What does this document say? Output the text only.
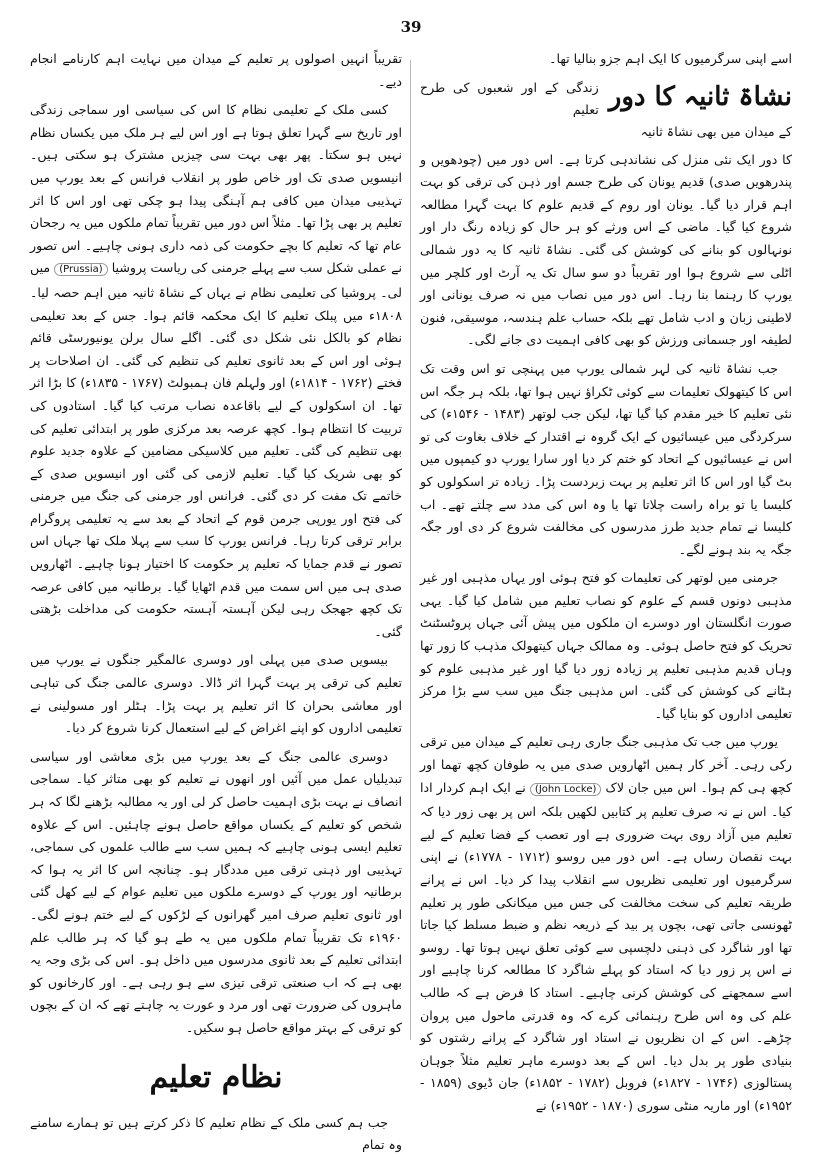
39

اسے اپنی سرگرمیوں کا ایک اہم جزو بنالیا تھا۔

نشاۃ ثانیہ کا دور
زندگی کے اور شعبوں کی طرح تعلیم
کے میدان میں بھی نشاۃ ثانیہ

کا دور ایک نئی منزل کی نشاندہی کرتا ہے۔ اس دور میں (چودھویں و پندرھویں صدی) قدیم یونان کی طرح جسم اور ذہن کی ترقی کو بہت اہم قرار دیا گیا۔ یونان اور روم کے قدیم علوم کا بہت گہرا مطالعہ شروع کیا گیا۔ ماضی کے اس ورثے کو ہر حال کو زیادہ رنگ دار اور نونہالوں کو بنانے کی کوشش کی گئی۔ نشاۃ ثانیہ کا یہ دور شمالی اٹلی سے شروع ہوا اور تقریباً دو سو سال تک یہ آرٹ اور کلچر میں یورپ کا رہنما بنا رہا۔ اس دور میں نصاب میں نہ صرف یونانی اور لاطینی زبان و ادب شامل تھے بلکہ حساب علم ہندسہ، موسیقی، فنون لطیفہ اور جسمانی ورزش کو بھی کافی اہمیت دی جانے لگی۔

جب نشاۃ ثانیہ کی لہر شمالی یورپ میں پہنچی تو اس وقت تک اس کا کیتھولک تعلیمات سے کوئی ٹکراؤ نہیں ہوا تھا، بلکہ ہر جگہ اس نئی تعلیم کا خیر مقدم کیا گیا تھا، لیکن جب لوتھر (۱۴۸۳ - ۱۵۴۶ء) کی سرکردگی میں عیسائیوں کے ایک گروہ نے اقتدار کے خلاف بغاوت کی تو اس نے عیسائیوں کے اتحاد کو ختم کر دیا اور سارا یورپ دو کیمپوں میں بٹ گیا اور اس کا اثر تعلیم پر بہت زبردست پڑا۔ زیادہ تر اسکولوں کو کلیسا یا تو براہ راست چلاتا تھا یا وہ اس کی مدد سے چلتے تھے۔ اب کلیسا نے تمام جدید طرز مدرسوں کی مخالفت شروع کر دی اور جگہ جگہ یہ بند ہونے لگے۔

جرمنی میں لوتھر کی تعلیمات کو فتح ہوئی اور یہاں مذہبی اور غیر مذہبی دونوں قسم کے علوم کو نصاب تعلیم میں شامل کیا گیا۔ یہی صورت انگلستان اور دوسرے ان ملکوں میں پیش آئی جہاں پروٹسٹنٹ تحریک کو فتح حاصل ہوئی۔ وہ ممالک جہاں کیتھولک مذہب کا زور تھا وہاں قدیم مذہبی تعلیم پر زیادہ زور دیا گیا اور غیر مذہبی علوم کو ہٹانے کی کوشش کی گئی۔ اس مذہبی جنگ میں سب سے بڑا مرکز تعلیمی اداروں کو بنایا گیا۔

یورپ میں جب تک مذہبی جنگ جاری رہی تعلیم کے میدان میں ترقی رکی رہی۔ آخر کار ہمیں اٹھارویں صدی میں یہ طوفان کچھ تھما اور کچھ ہی کم ہوا۔ اس میں جان لاک (John Locke) نے ایک اہم کردار ادا کیا۔ اس نے نہ صرف تعلیم پر کتابیں لکھیں بلکہ اس پر بھی زور دیا کہ تعلیم میں آزاد روی بہت ضروری ہے اور تعصب کے فضا تعلیم کے لیے بہت نقصان رساں ہے۔ اس دور میں روسو (۱۷۱۲ - ۱۷۷۸ء) نے اپنی سرگرمیوں اور تعلیمی نظریوں سے انقلاب پیدا کر دیا۔ اس نے پرانے طریقہ تعلیم کی سخت مخالفت کی جس میں میکانکی طور پر تعلیم ٹھونسی جاتی تھی، بچوں پر بید کے ذریعہ نظم و ضبط مسلط کیا جاتا تھا اور شاگرد کی ذہنی دلچسپی سے کوئی تعلق نہیں ہوتا تھا۔ روسو نے اس پر زور دیا کہ استاد کو پہلے شاگرد کا مطالعہ کرنا چاہیے اور اسے سمجھنے کی کوشش کرنی چاہیے۔ استاد کا فرض ہے کہ طالب علم کی وہ اس طرح رہنمائی کرے کہ وہ قدرتی ماحول میں پروان چڑھے۔ اس کے ان نظریوں نے استاد اور شاگرد کے پرانے رشتوں کو بنیادی طور پر بدل دیا۔ اس کے بعد دوسرے ماہر تعلیم مثلاً جوہان پستالوزی (۱۷۴۶ - ۱۸۲۷ء) فروبل (۱۷۸۲ - ۱۸۵۲ء) جان ڈیوی (۱۸۵۹ - ۱۹۵۲ء) اور ماریہ منٹی سوری (۱۸۷۰ - ۱۹۵۲ء) نے

تقریباً انہیں اصولوں پر تعلیم کے میدان میں نہایت اہم کارنامے انجام دیے۔

کسی ملک کے تعلیمی نظام کا اس کی سیاسی اور سماجی زندگی اور تاریخ سے گہرا تعلق ہوتا ہے اور اس لیے ہر ملک میں یکساں نظام نہیں ہو سکتا۔ پھر بھی بہت سی چیزیں مشترک ہو سکتی ہیں۔ انیسویں صدی تک اور خاص طور پر انقلاب فرانس کے بعد یورپ میں تہذیبی میدان میں کافی ہم آہنگی پیدا ہو چکی تھی اور اس کا اثر تعلیم پر بھی پڑا تھا۔ مثلاً اس دور میں تقریباً تمام ملکوں میں یہ رجحان عام تھا کہ تعلیم کا بچے حکومت کی ذمہ داری ہونی چاہیے۔ اس تصور نے عملی شکل سب سے پہلے جرمنی کی ریاست پروشیا (Prussia) میں لی۔ پروشیا کی تعلیمی نظام نے یہاں کے نشاۃ ثانیہ میں اہم حصہ لیا۔ ۱۸۰۸ء میں پبلک تعلیم کا ایک محکمہ قائم ہوا۔ جس کے بعد تعلیمی نظام کو بالکل نئی شکل دی گئی۔ اگلے سال برلن یونیورسٹی قائم ہوئی اور اس کے بعد ثانوی تعلیم کی تنظیم کی گئی۔ ان اصلاحات پر فختے (۱۷۶۲ - ۱۸۱۴ء) اور ولہلم فان ہمبولٹ (۱۷۶۷ - ۱۸۳۵ء) کا بڑا اثر تھا۔ ان اسکولوں کے لیے باقاعدہ نصاب مرتب کیا گیا۔ استادوں کی تربیت کا انتظام ہوا۔ کچھ عرصہ بعد مرکزی طور پر ابتدائی تعلیم کی بھی تنظیم کی گئی۔ تعلیم میں کلاسیکی مضامین کے علاوہ جدید علوم کو بھی شریک کیا گیا۔ تعلیم لازمی کی گئی اور انیسویں صدی کے خاتمے تک مفت کر دی گئی۔ فرانس اور جرمنی کی جنگ میں جرمنی کی فتح اور یورپی جرمن قوم کے اتحاد کے بعد سے یہ تعلیمی پروگرام برابر ترقی کرتا رہا۔ فرانس یورپ کا سب سے پہلا ملک تھا جہاں اس تصور نے قدم جمایا کہ تعلیم پر حکومت کا اختیار ہونا چاہیے۔ اٹھارویں صدی ہی میں اس سمت میں قدم اٹھایا گیا۔ برطانیہ میں کافی عرصہ تک کچھ جھجک رہی لیکن آہستہ آہستہ حکومت کی مداخلت بڑھتی گئی۔

بیسویں صدی میں پہلی اور دوسری عالمگیر جنگوں نے یورپ میں تعلیم کی ترقی پر بہت گہرا اثر ڈالا۔ دوسری عالمی جنگ کی تباہی اور معاشی بحران کا اثر تعلیم پر بہت پڑا۔ ہٹلر اور مسولینی نے تعلیمی اداروں کو اپنے اغراض کے لیے استعمال کرنا شروع کر دیا۔

دوسری عالمی جنگ کے بعد یورپ میں بڑی معاشی اور سیاسی تبدیلیاں عمل میں آئیں اور انھوں نے تعلیم کو بھی متاثر کیا۔ سماجی انصاف نے بہت بڑی اہمیت حاصل کر لی اور یہ مطالبہ بڑھنے لگا کہ ہر شخص کو تعلیم کے یکساں مواقع حاصل ہونے چاہئیں۔ اس کے علاوہ تعلیم ایسی ہونی چاہیے کہ ہمیں سب سے طالب علموں کی سماجی، تہذیبی اور ذہنی ترقی میں مددگار ہو۔ چنانچہ اس کا اثر یہ ہوا کہ برطانیہ اور یورپ کے دوسرے ملکوں میں تعلیم عوام کے لیے کھل گئی اور ثانوی تعلیم صرف امیر گھرانوں کے لڑکوں کے لیے ختم ہونے لگی۔ ۱۹۶۰ء تک تقریباً تمام ملکوں میں یہ طے ہو گیا کہ ہر طالب علم ابتدائی تعلیم کے بعد ثانوی مدرسوں میں داخل ہو۔ اس کی بڑی وجہ یہ بھی ہے کہ اب صنعتی ترقی تیزی سے ہو رہی ہے۔ اور کارخانوں کو ماہروں کی ضرورت تھی اور مرد و عورت یہ چاہتے تھے کہ ان کے بچوں کو ترقی کے بہتر مواقع حاصل ہو سکیں۔

نظام تعلیم

جب ہم کسی ملک کے نظام تعلیم کا ذکر کرتے ہیں تو ہمارے سامنے وہ تمام
